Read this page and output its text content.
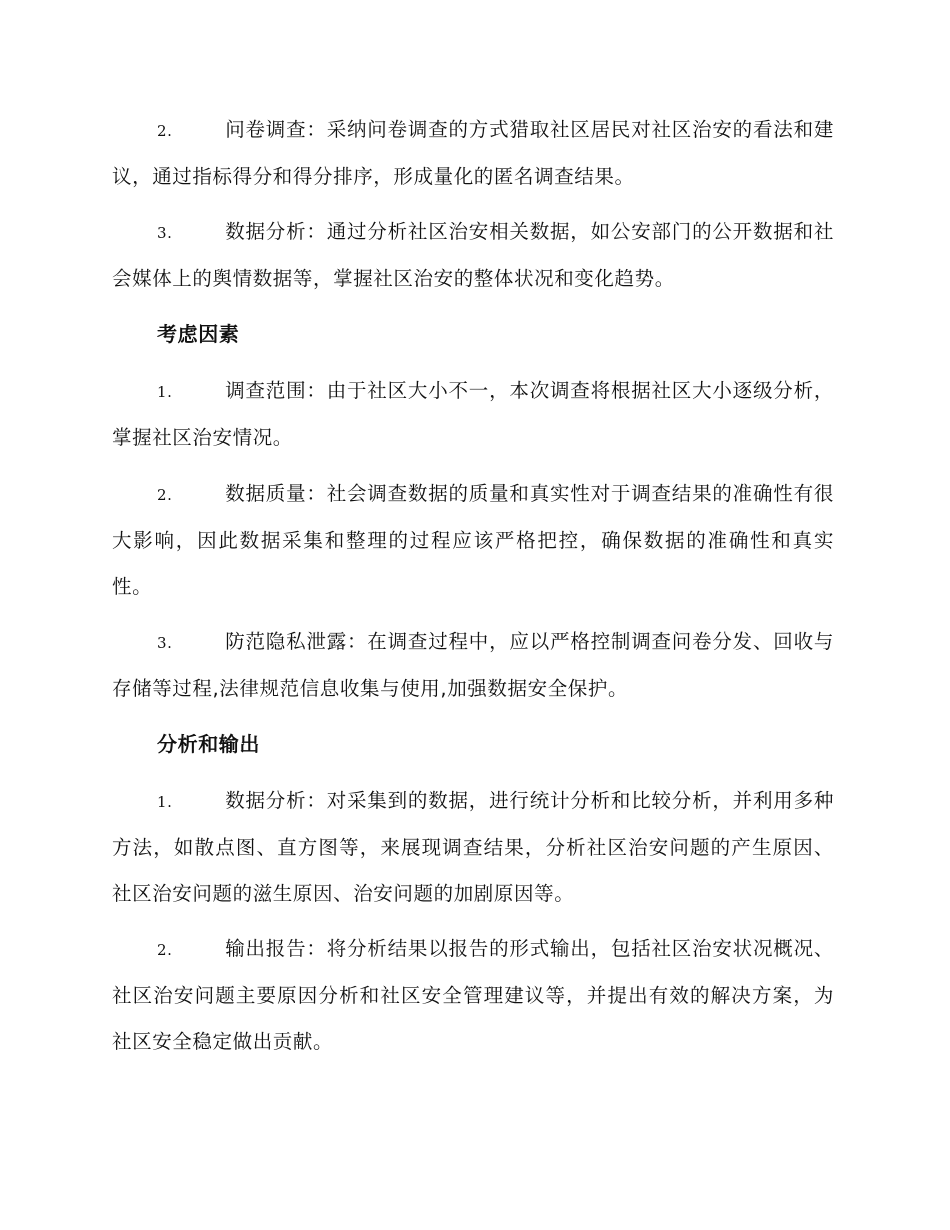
2.	问卷调查：采纳问卷调查的方式猎取社区居民对社区治安的看法和建议，通过指标得分和得分排序，形成量化的匿名调查结果。

3.	数据分析：通过分析社区治安相关数据，如公安部门的公开数据和社会媒体上的舆情数据等，掌握社区治安的整体状况和变化趋势。

考虑因素

1.	调查范围：由于社区大小不一，本次调查将根据社区大小逐级分析，掌握社区治安情况。

2.	数据质量：社会调查数据的质量和真实性对于调查结果的准确性有很大影响，因此数据采集和整理的过程应该严格把控，确保数据的准确性和真实性。

3.	防范隐私泄露：在调查过程中，应以严格控制调查问卷分发、回收与存储等过程,法律规范信息收集与使用,加强数据安全保护。

分析和输出

1.	数据分析：对采集到的数据，进行统计分析和比较分析，并利用多种方法，如散点图、直方图等，来展现调查结果，分析社区治安问题的产生原因、社区治安问题的滋生原因、治安问题的加剧原因等。

2.	输出报告：将分析结果以报告的形式输出，包括社区治安状况概况、社区治安问题主要原因分析和社区安全管理建议等，并提出有效的解决方案，为社区安全稳定做出贡献。
